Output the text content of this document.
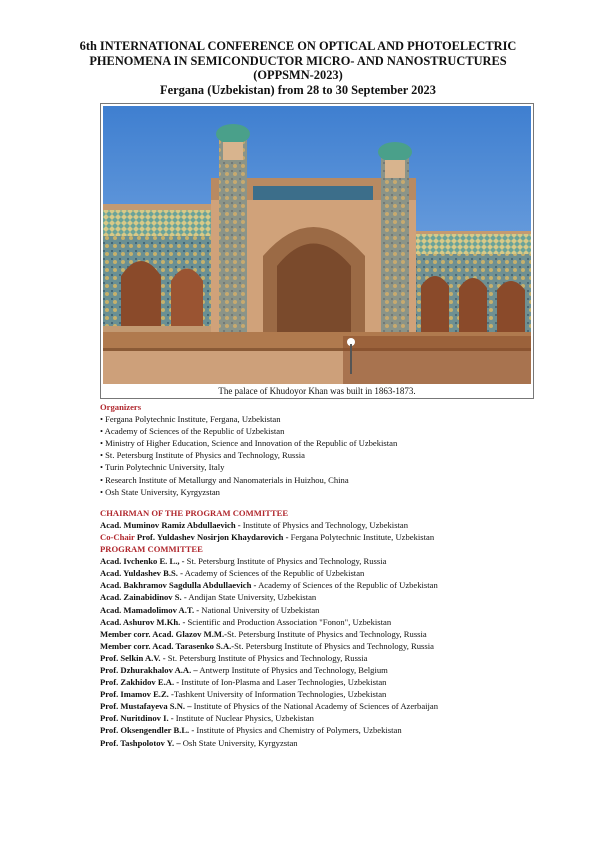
6th INTERNATIONAL CONFERENCE ON OPTICAL AND PHOTOELECTRIC
PHENOMENA IN SEMICONDUCTOR MICRO- AND NANOSTRUCTURES
(OPPSMN-2023)
Fergana (Uzbekistan) from 28 to 30 September 2023
The palace of Khudoyor Khan was built in 1863-1873.
Organizers
• Fergana Polytechnic Institute, Fergana, Uzbekistan
• Academy of Sciences of the Republic of Uzbekistan
• Ministry of Higher Education, Science and Innovation of the Republic of Uzbekistan
• St. Petersburg Institute of Physics and Technology, Russia
• Turin Polytechnic University, Italy
• Research Institute of Metallurgy and Nanomaterials in Huizhou, China
• Osh State University, Kyrgyzstan
CHAIRMAN OF THE PROGRAM COMMITTEE
Acad. Muminov Ramiz Abdullaevich - Institute of Physics and Technology, Uzbekistan
Co-Chair Prof. Yuldashev Nosirjon Khaydarovich - Fergana Polytechnic Institute, Uzbekistan
PROGRAM COMMITTEE
Acad. Ivchenko E. L., - St. Petersburg Institute of Physics and Technology, Russia
Acad. Yuldashev B.S. - Academy of Sciences of the Republic of Uzbekistan
Acad. Bakhramov Sagdulla Abdullaevich - Academy of Sciences of the Republic of Uzbekistan
Acad. Zainabidinov S. - Andijan State University, Uzbekistan
Acad. Mamadolimov A.T. - National University of Uzbekistan
Acad. Ashurov M.Kh. - Scientific and Production Association "Fonon", Uzbekistan
Member corr. Acad. Glazov M.M.-St. Petersburg Institute of Physics and Technology, Russia
Member corr. Acad. Tarasenko S.A.-St. Petersburg Institute of Physics and Technology, Russia
Prof. Selkin A.V. - St. Petersburg Institute of Physics and Technology, Russia
Prof. Dzhurakhalov A.A. – Antwerp Institute of Physics and Technology, Belgium
Prof. Zakhidov E.A. - Institute of Ion-Plasma and Laser Technologies, Uzbekistan
Prof. Imamov E.Z. -Tashkent University of Information Technologies, Uzbekistan
Prof. Mustafayeva S.N. – Institute of Physics of the National Academy of Sciences of Azerbaijan
Prof. Nuritdinov I. - Institute of Nuclear Physics, Uzbekistan
Prof. Oksengendler B.L. - Institute of Physics and Chemistry of Polymers, Uzbekistan
Prof. Tashpolotov Y. – Osh State University, Kyrgyzstan
